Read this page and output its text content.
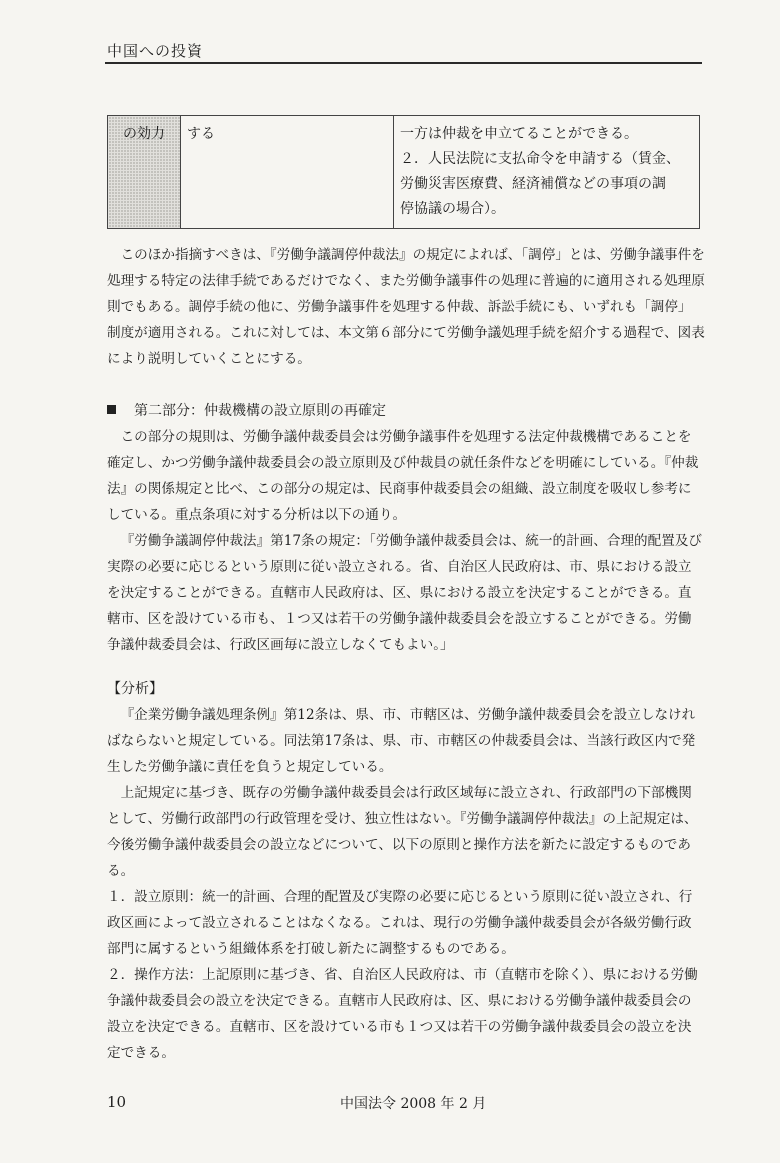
中国への投資
の効力	する	一方は仲裁を申立てることができる。
２．人民法院に支払命令を申請する（賃金、
労働災害医療費、経済補償などの事項の調
停協議の場合）。

このほか指摘すべきは、『労働争議調停仲裁法』の規定によれば、「調停」とは、労働争議事件を処理する特定の法律手続であるだけでなく、また労働争議事件の処理に普遍的に適用される処理原則でもある。調停手続の他に、労働争議事件を処理する仲裁、訴訟手続にも、いずれも「調停」制度が適用される。これに対しては、本文第６部分にて労働争議処理手続を紹介する過程で、図表により説明していくことにする。

第二部分：仲裁機構の設立原則の再確定

この部分の規則は、労働争議仲裁委員会は労働争議事件を処理する法定仲裁機構であることを確定し、かつ労働争議仲裁委員会の設立原則及び仲裁員の就任条件などを明確にしている。『仲裁法』の関係規定と比べ、この部分の規定は、民商事仲裁委員会の組織、設立制度を吸収し参考にしている。重点条項に対する分析は以下の通り。

『労働争議調停仲裁法』第17条の規定：「労働争議仲裁委員会は、統一的計画、合理的配置及び実際の必要に応じるという原則に従い設立される。省、自治区人民政府は、市、県における設立を決定することができる。直轄市人民政府は、区、県における設立を決定することができる。直轄市、区を設けている市も、１つ又は若干の労働争議仲裁委員会を設立することができる。労働争議仲裁委員会は、行政区画毎に設立しなくてもよい。」

【分析】

『企業労働争議処理条例』第12条は、県、市、市轄区は、労働争議仲裁委員会を設立しなければならないと規定している。同法第17条は、県、市、市轄区の仲裁委員会は、当該行政区内で発生した労働争議に責任を負うと規定している。

上記規定に基づき、既存の労働争議仲裁委員会は行政区域毎に設立され、行政部門の下部機関として、労働行政部門の行政管理を受け、独立性はない。『労働争議調停仲裁法』の上記規定は、今後労働争議仲裁委員会の設立などについて、以下の原則と操作方法を新たに設定するものである。

１．設立原則：統一的計画、合理的配置及び実際の必要に応じるという原則に従い設立され、行政区画によって設立されることはなくなる。これは、現行の労働争議仲裁委員会が各級労働行政部門に属するという組織体系を打破し新たに調整するものである。

２．操作方法：上記原則に基づき、省、自治区人民政府は、市（直轄市を除く）、県における労働争議仲裁委員会の設立を決定できる。直轄市人民政府は、区、県における労働争議仲裁委員会の設立を決定できる。直轄市、区を設けている市も１つ又は若干の労働争議仲裁委員会の設立を決定できる。

10	中国法令 2008 年 2 月
